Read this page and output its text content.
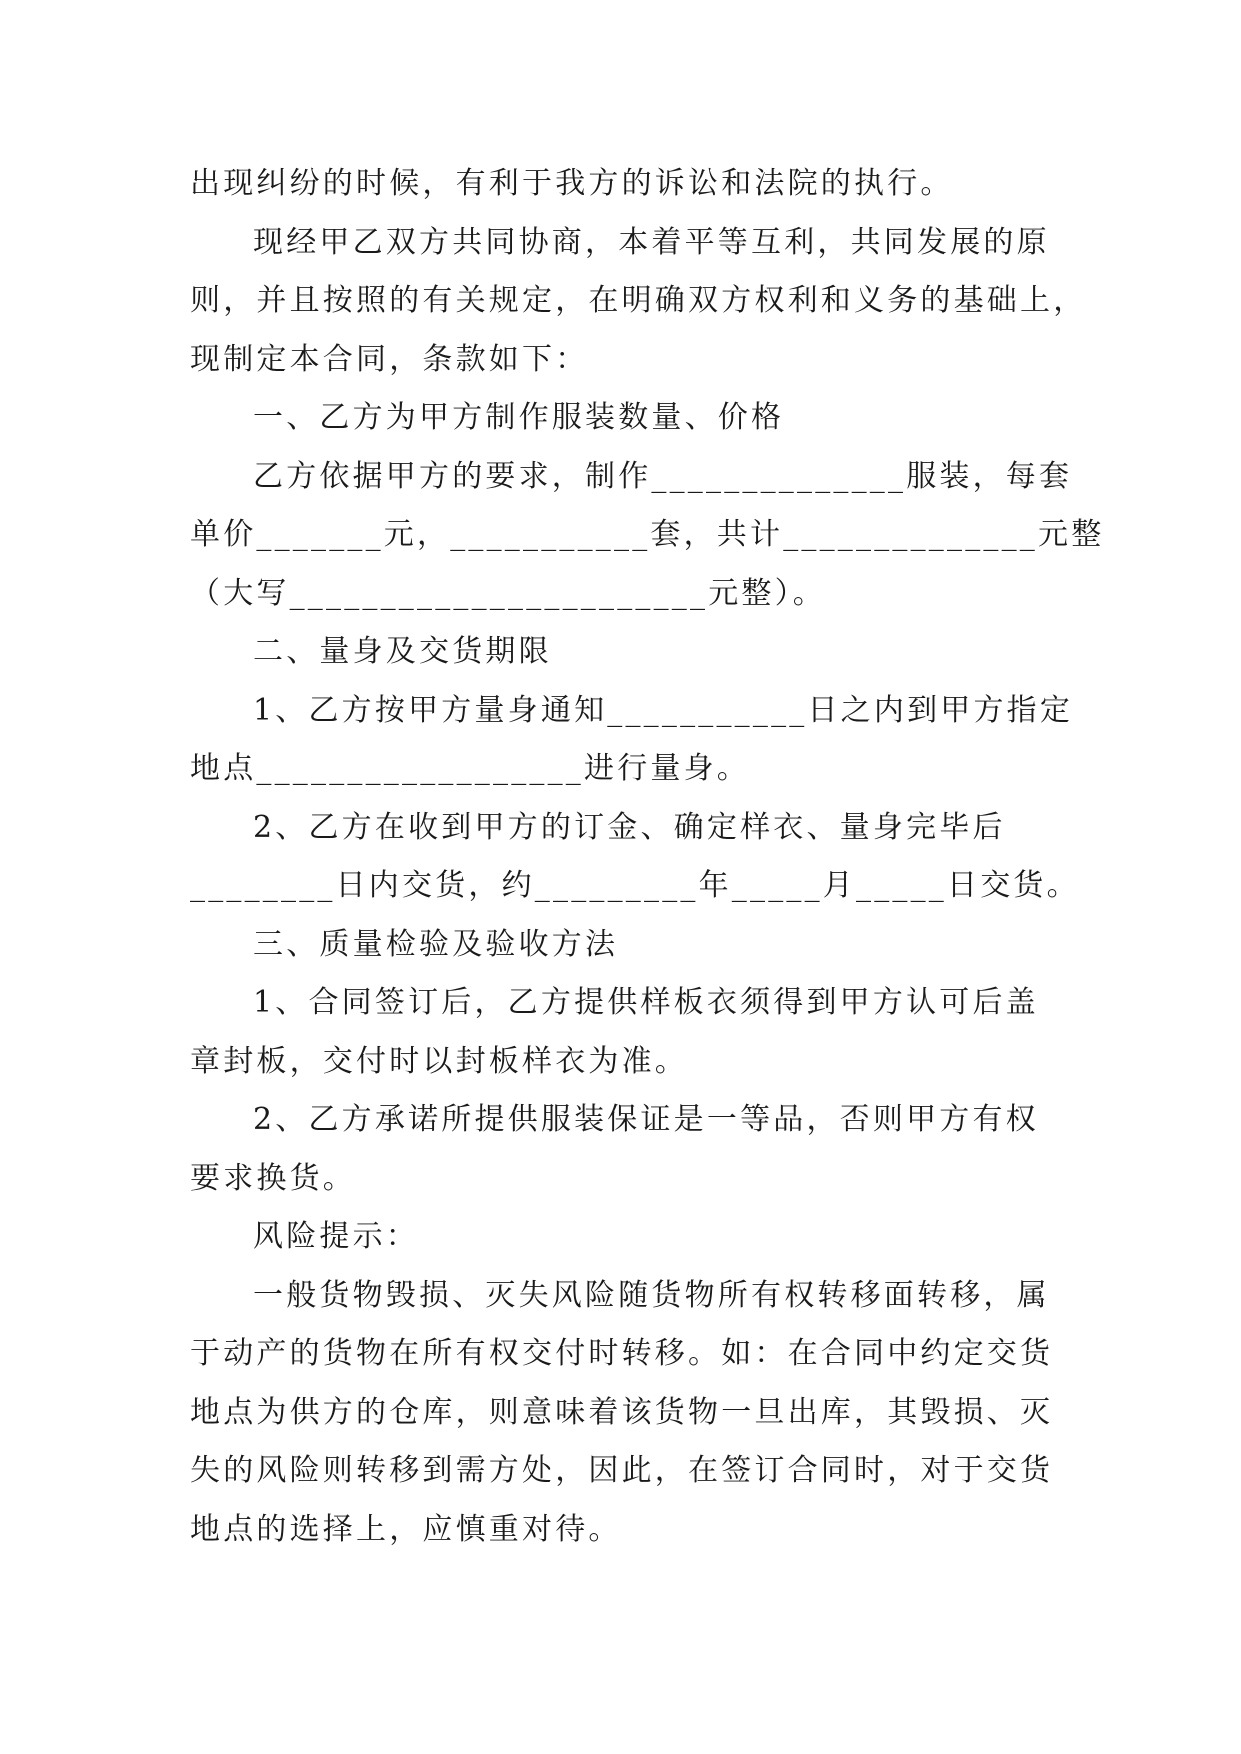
出现纠纷的时候，有利于我方的诉讼和法院的执行。
现经甲乙双方共同协商，本着平等互利，共同发展的原
则，并且按照的有关规定，在明确双方权利和义务的基础上，
现制定本合同，条款如下：
一、乙方为甲方制作服装数量、价格
乙方依据甲方的要求，制作______________服装，每套
单价_______元，___________套，共计______________元整
（大写_______________________元整）。
二、量身及交货期限
1、乙方按甲方量身通知___________日之内到甲方指定
地点__________________进行量身。
2、乙方在收到甲方的订金、确定样衣、量身完毕后
________日内交货，约_________年_____月_____日交货。
三、质量检验及验收方法
1、合同签订后，乙方提供样板衣须得到甲方认可后盖
章封板，交付时以封板样衣为准。
2、乙方承诺所提供服装保证是一等品，否则甲方有权
要求换货。
风险提示：
一般货物毁损、灭失风险随货物所有权转移面转移，属
于动产的货物在所有权交付时转移。如：在合同中约定交货
地点为供方的仓库，则意味着该货物一旦出库，其毁损、灭
失的风险则转移到需方处，因此，在签订合同时，对于交货
地点的选择上，应慎重对待。
